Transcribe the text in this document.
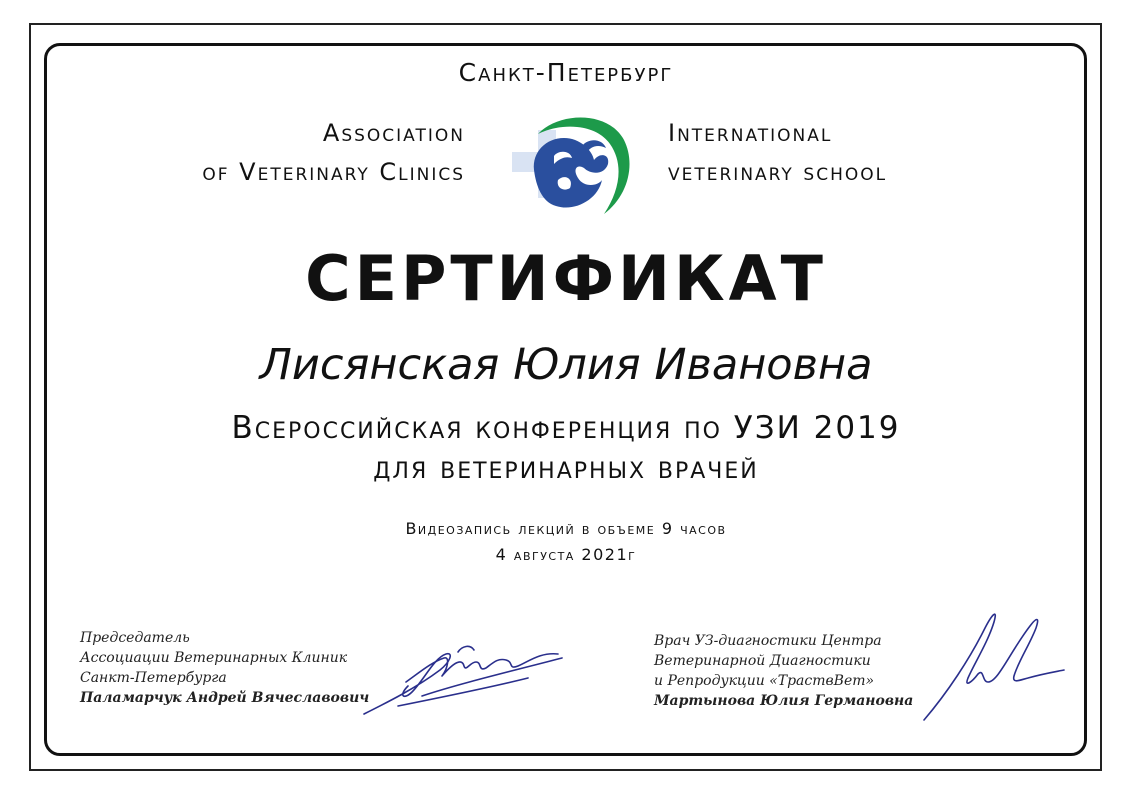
Санкт-Петербург
Association
of Veterinary Clinics
International
veterinary school
СЕРТИФИКАТ
Лисянская Юлия Ивановна
Всероссийская конференция по УЗИ 2019
для ветеринарных врачей
Видеозапись лекций в объеме 9 часов
4 августа 2021г
Председатель
Ассоциации Ветеринарных Клиник
Санкт-Петербурга
Паламарчук Андрей Вячеславович
Врач УЗ-диагностики Центра
Ветеринарной Диагностики
и Репродукции «ТраствВет»
Мартынова Юлия Германовна
